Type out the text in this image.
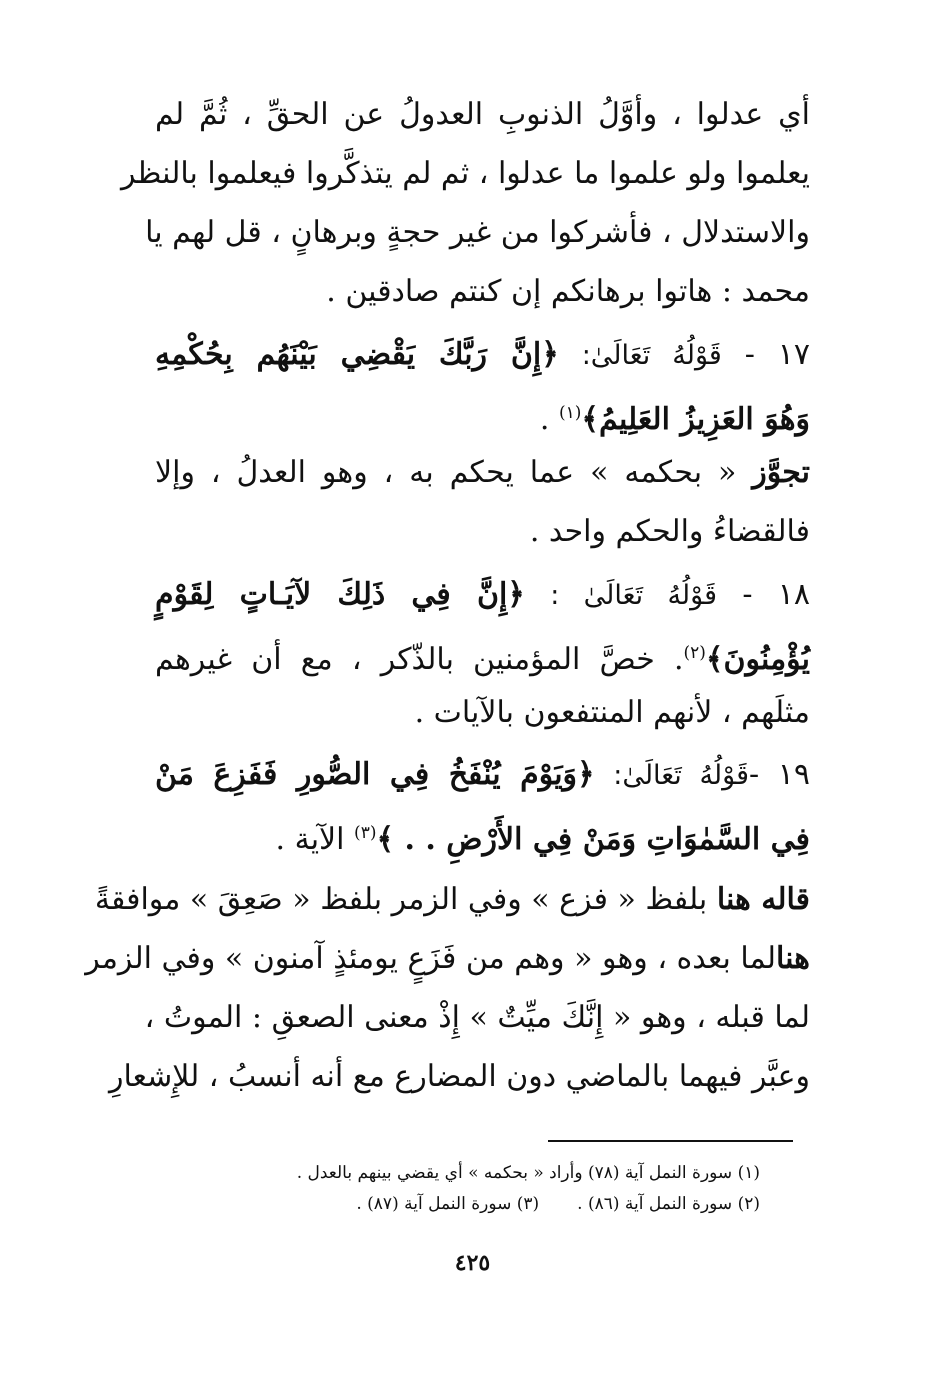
أي عدلوا ، وأوَّلُ الذنوبِ العدولُ عن الحقِّ ، ثُمَّ لم
يعلموا ولو علموا ما عدلوا ، ثم لم يتذكَّروا فيعلموا بالنظر
والاستدلال ، فأشركوا من غير حجةٍ وبرهانٍ ، قل لهم يا
محمد : هاتوا برهانكم إن كنتم صادقين .
١٧ - قَوْلُهُ تَعَالَىٰ: ﴿إِنَّ رَبَّكَ يَقْضِي بَيْنَهُم بِحُكْمِهِ
وَهُوَ العَزِيزُ العَلِيمُ﴾$^{(١)}$ .
تجوَّز « بحكمه » عما يحكم به ، وهو العدلُ ، وإلا
فالقضاءُ والحكم واحد .
١٨ - قَوْلُهُ تَعَالَىٰ : ﴿إِنَّ فِي ذَلِكَ لآيَـاتٍ لِقَوْمٍ
يُؤْمِنُونَ﴾$^{(٢)}$. خصَّ المؤمنين بالذّكر ، مع أن غيرهم
مثلَهم ، لأنهم المنتفعون بالآيات .
١٩ -قَوْلُهُ تَعَالَىٰ: ﴿وَيَوْمَ يُنْفَخُ فِي الصُّورِ فَفَزِعَ مَنْ
فِي السَّمٰوَاتِ وَمَنْ فِي الأَرْضِ . . ﴾$^{(٣)}$ الآية .
قاله هنا بلفظ « فزع » وفي الزمر بلفظ « صَعِقَ » موافقةً
هنالما بعده ، وهو « وهم من فَزَعٍ يومئذٍ آمنون » وفي الزمر
لما قبله ، وهو « إِنَّكَ ميِّتٌ » إِذْ معنى الصعقِ : الموتُ ،
وعبَّر فيهما بالماضي دون المضارع مع أنه أنسبُ ، للإِشعارِ
(١) سورة النمل آية (٧٨) وأراد « بحكمه » أي يقضي بينهم بالعدل .
(٢) سورة النمل آية (٨٦) .(٣) سورة النمل آية (٨٧) .
٤٢٥
